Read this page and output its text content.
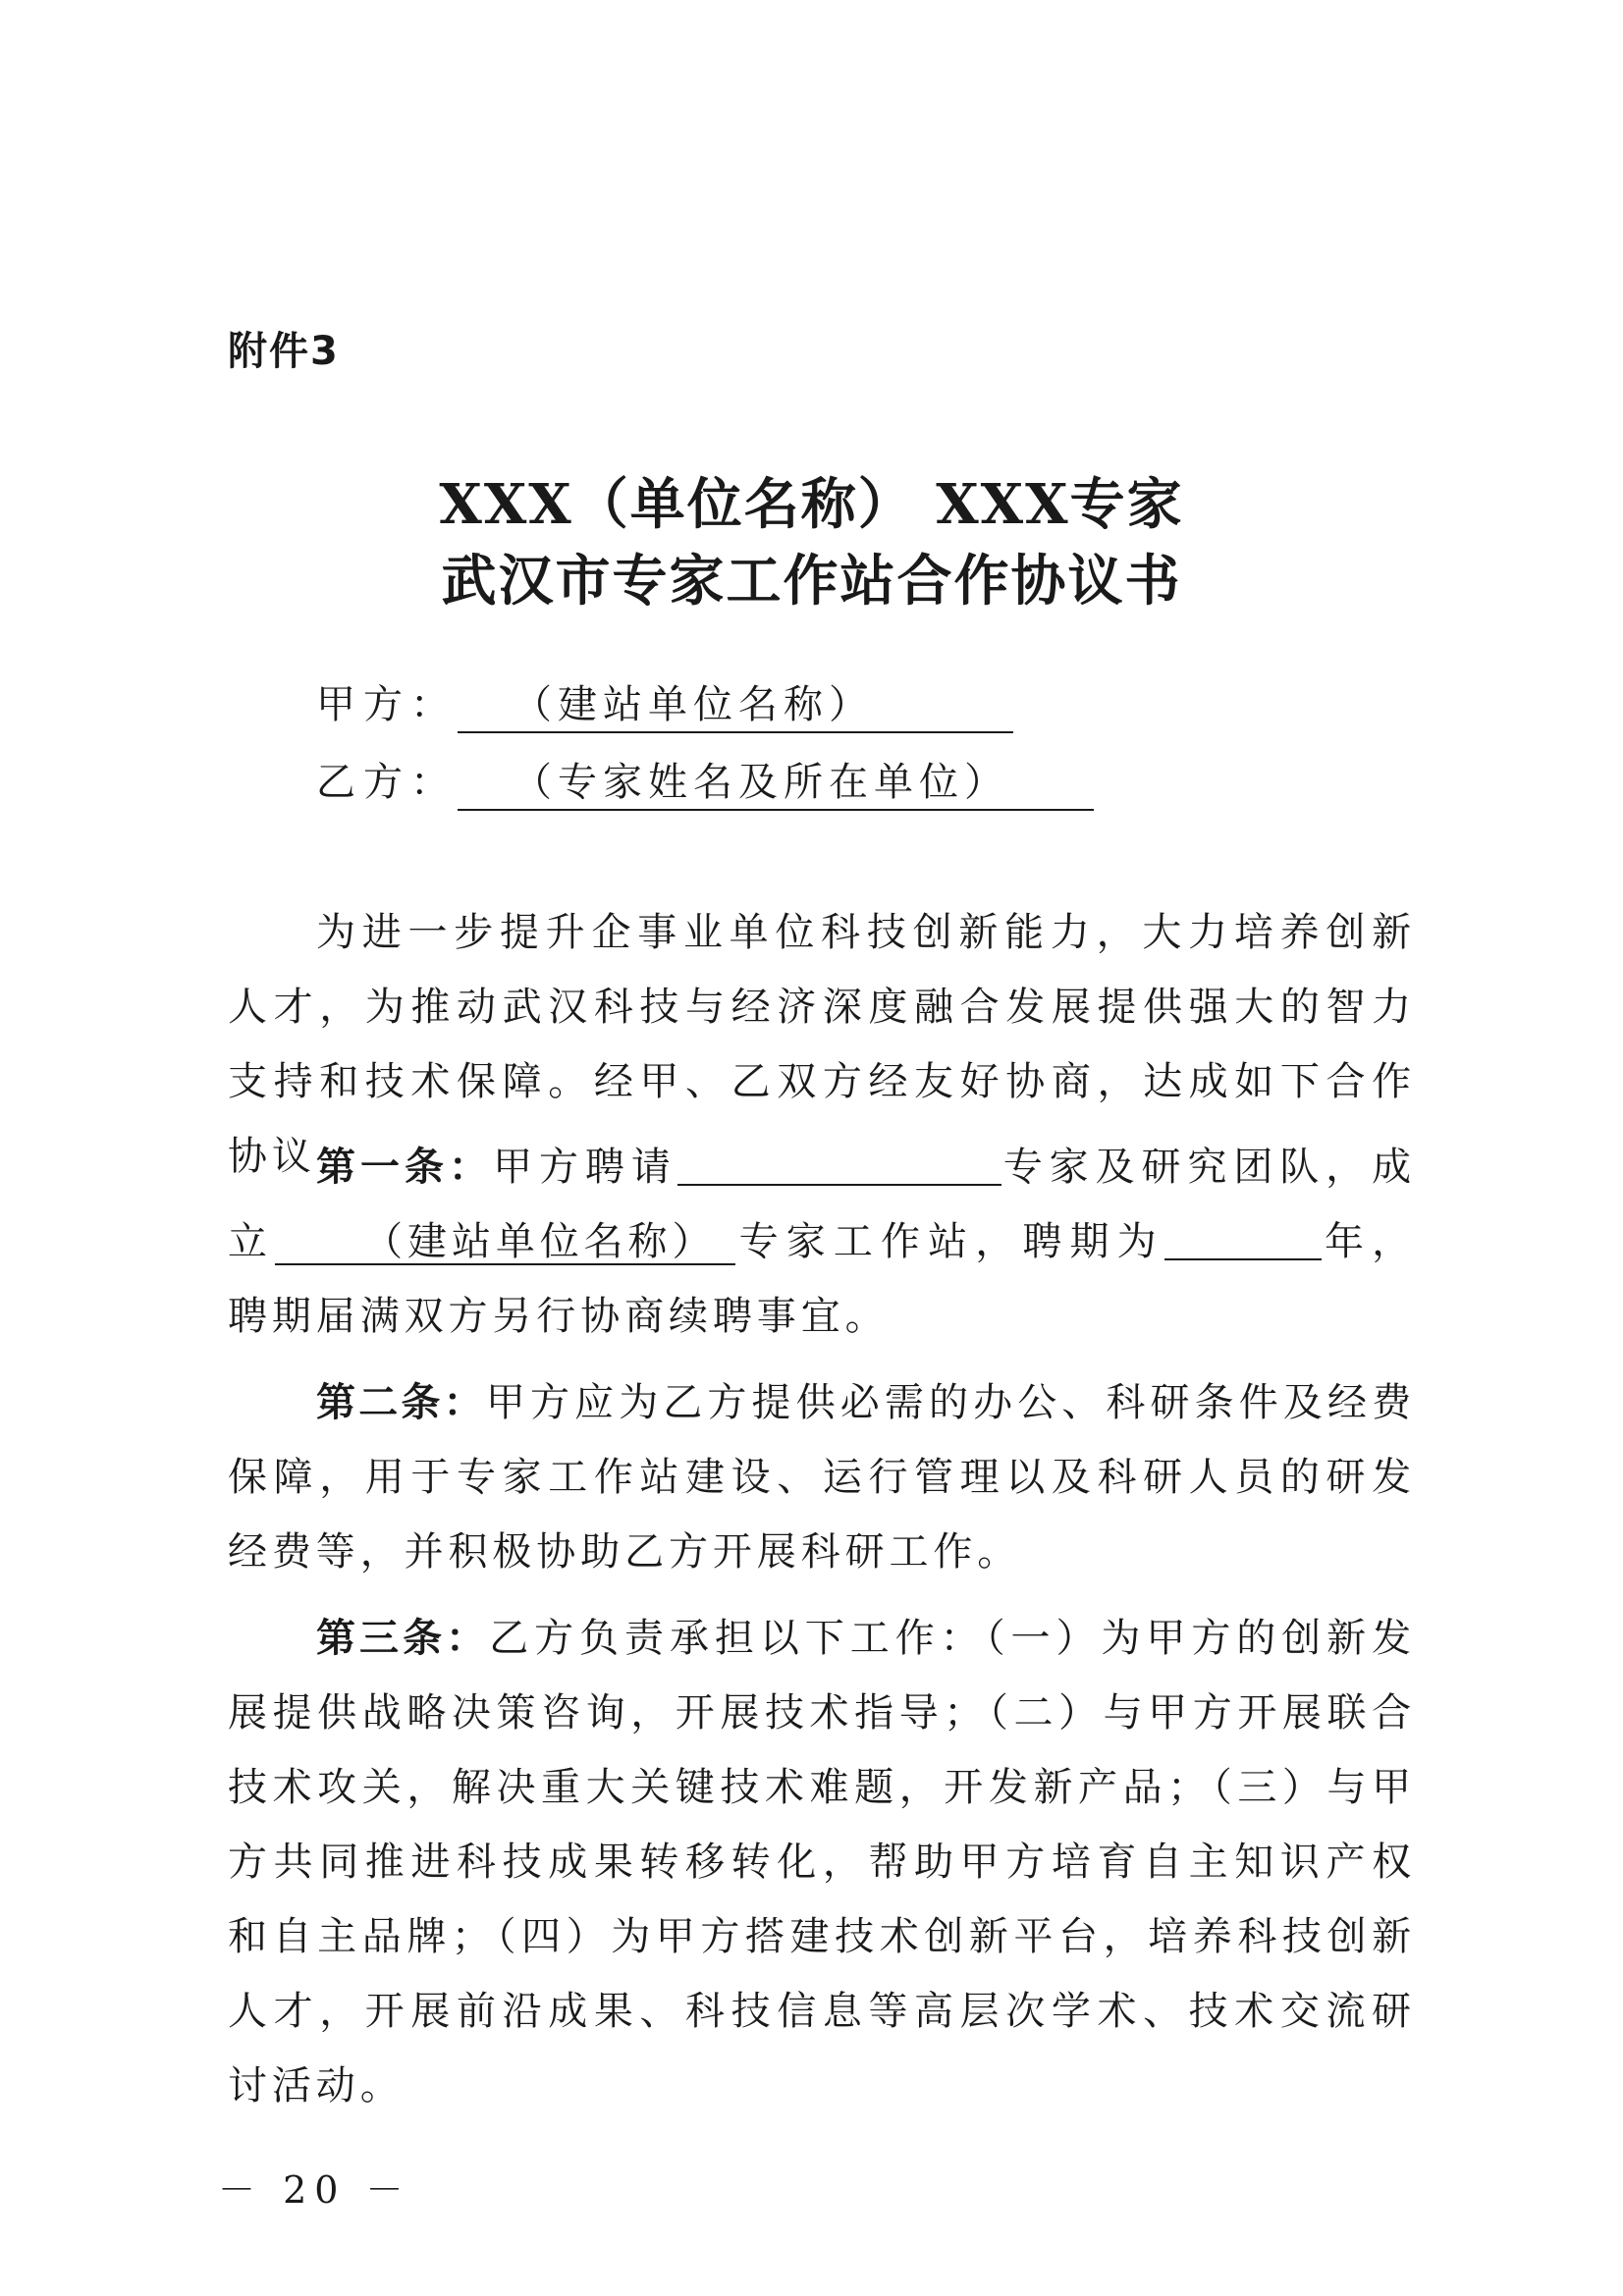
附件3
XXX（单位名称） XXX专家
武汉市专家工作站合作协议书
甲方： （建站单位名称）
乙方： （专家姓名及所在单位）
为进一步提升企事业单位科技创新能力，大力培养创新人才，为推动武汉科技与经济深度融合发展提供强大的智力支持和技术保障。经甲、乙双方经友好协商，达成如下合作协议：
第一条：甲方聘请	专家及研究团队，成立 （建站单位名称） 专家工作站，聘期为	年，聘期届满双方另行协商续聘事宜。
第二条：甲方应为乙方提供必需的办公、科研条件及经费保障，用于专家工作站建设、运行管理以及科研人员的研发经费等，并积极协助乙方开展科研工作。
第三条：乙方负责承担以下工作：（一）为甲方的创新发展提供战略决策咨询，开展技术指导；（二）与甲方开展联合技术攻关，解决重大关键技术难题，开发新产品；（三）与甲方共同推进科技成果转移转化，帮助甲方培育自主知识产权和自主品牌；（四）为甲方搭建技术创新平台，培养科技创新人才，开展前沿成果、科技信息等高层次学术、技术交流研讨活动。
－ 20 －
